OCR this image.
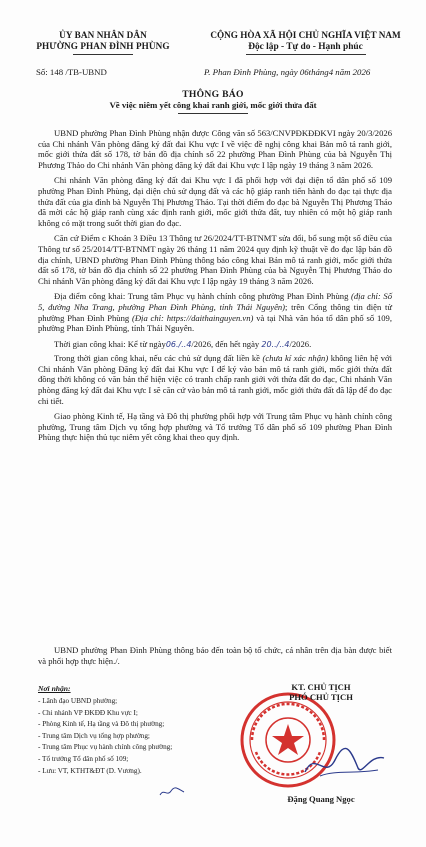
ỦY BAN NHÂN DÂN
PHƯỜNG PHAN ĐÌNH PHÙNG
CỘNG HÒA XÃ HỘI CHỦ NGHĨA VIỆT NAM
Độc lập - Tự do - Hạnh phúc
Số: 148 /TB-UBND	P. Phan Đình Phùng, ngày 06tháng4 năm 2026
THÔNG BÁO
Về việc niêm yết công khai ranh giới, mốc giới thửa đất

UBND phường Phan Đình Phùng nhận được Công văn số 563/CNVPĐKĐĐKVI ngày 20/3/2026 của Chi nhánh Văn phòng đăng ký đất đai Khu vực I về việc đề nghị công khai Bản mô tả ranh giới, mốc giới thửa đất số 178, tờ bản đồ địa chính số 22 phường Phan Đình Phùng của bà Nguyễn Thị Phương Thảo do Chi nhánh Văn phòng đăng ký đất đai Khu vực I lập ngày 19 tháng 3 năm 2026.

Chi nhánh Văn phòng đăng ký đất đai Khu vực I đã phối hợp với đại diện tổ dân phố số 109 phường Phan Đình Phùng, đại diện chủ sử dụng đất và các hộ giáp ranh tiến hành đo đạc tại thực địa thửa đất của gia đình bà Nguyễn Thị Phương Thảo. Tại thời điểm đo đạc bà Nguyễn Thị Phương Thảo đã mời các hộ giáp ranh cùng xác định ranh giới, mốc giới thửa đất, tuy nhiên có một hộ giáp ranh không có mặt trong suốt thời gian đo đạc.

Căn cứ Điểm c Khoản 3 Điều 13 Thông tư 26/2024/TT-BTNMT sửa đổi, bổ sung một số điều của Thông tư số 25/2014/TT-BTNMT ngày 26 tháng 11 năm 2024 quy định kỹ thuật về đo đạc lập bản đồ địa chính, UBND phường Phan Đình Phùng thông báo công khai Bản mô tả ranh giới, mốc giới thửa đất số 178, tờ bản đồ địa chính số 22 phường Phan Đình Phùng của bà Nguyễn Thị Phương Thảo do Chi nhánh Văn phòng đăng ký đất đai Khu vực I lập ngày 19 tháng 3 năm 2026.

Địa điểm công khai: Trung tâm Phục vụ hành chính công phường Phan Đình Phùng (địa chỉ: Số 5, đường Nha Trang, phường Phan Đình Phùng, tỉnh Thái Nguyên); trên Cổng thông tin điện tử phường Phan Đình Phùng (Địa chỉ: https://daithainguyen.vn) và tại Nhà văn hóa tổ dân phố số 109, phường Phan Đình Phùng, tỉnh Thái Nguyên.

Thời gian công khai: Kể từ ngày06./..4/2026, đến hết ngày 20../..4/2026.

Trong thời gian công khai, nếu các chủ sử dụng đất liền kề (chưa kí xác nhận) không liên hệ với Chi nhánh Văn phòng Đăng ký đất đai Khu vực I để ký vào bản mô tả ranh giới, mốc giới thửa đất đồng thời không có văn bản thể hiện việc có tranh chấp ranh giới với thửa đất đo đạc, Chi nhánh Văn phòng đăng ký đất đai Khu vực I sẽ căn cứ vào bản mô tả ranh giới, mốc giới thửa đất đã lập để đo đạc chi tiết.

Giao phòng Kinh tế, Hạ tầng và Đô thị phường phối hợp với Trung tâm Phục vụ hành chính công phường, Trung tâm Dịch vụ tổng hợp phường và Tổ trưởng Tổ dân phố số 109 phường Phan Đình Phùng thực hiện thủ tục niêm yết công khai theo quy định.

UBND phường Phan Đình Phùng thông báo đến toàn bộ tổ chức, cá nhân trên địa bàn được biết và phối hợp thực hiện./.
Nơi nhận:
- Lãnh đạo UBND phường;
- Chi nhánh VP ĐKĐĐ Khu vực I;
- Phòng Kinh tế, Hạ tầng và Đô thị phường;
- Trung tâm Dịch vụ tổng hợp phường;
- Trung tâm Phục vụ hành chính công phường;
- Tổ trưởng Tổ dân phố số 109;
- Lưu: VT, KTHT&ĐT (D. Vương).
KT. CHỦ TỊCH
PHÓ CHỦ TỊCH
Đặng Quang Ngọc
